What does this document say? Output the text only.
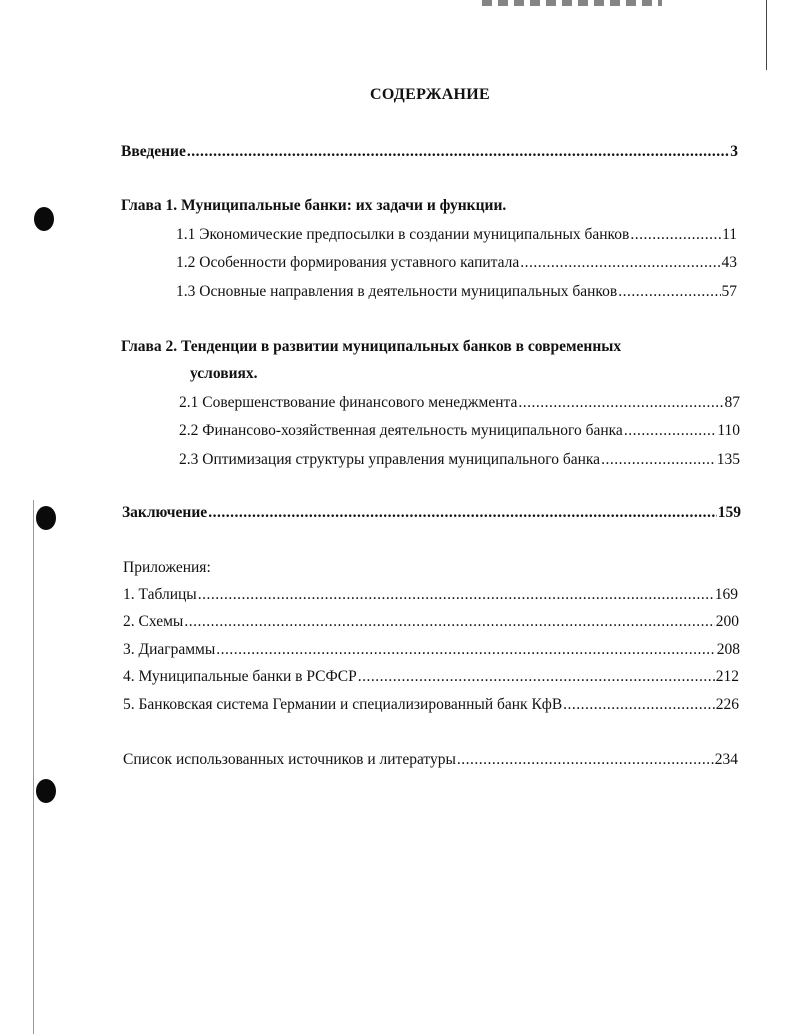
СОДЕРЖАНИЕ
Введение .....	3
Глава 1. Муниципальные банки: их задачи и функции.
1.1 Экономические предпосылки в создании муниципальных банков .....	11
1.2 Особенности формирования уставного капитала .....	43
1.3 Основные направления в деятельности муниципальных банков .....	57
Глава 2. Тенденции в развитии муниципальных банков в современных
условиях.
2.1 Совершенствование финансового менеджмента .....	87
2.2 Финансово-хозяйственная деятельность муниципального банка .....	110
2.3 Оптимизация структуры управления муниципального банка .....	135
Заключение .....	159
Приложения:
1. Таблицы .....	169
2. Схемы .....	200
3. Диаграммы .....	208
4. Муниципальные банки в РСФСР .....	212
5. Банковская система Германии и специализированный банк КфВ .....	226
Список использованных источников и литературы .....	234
